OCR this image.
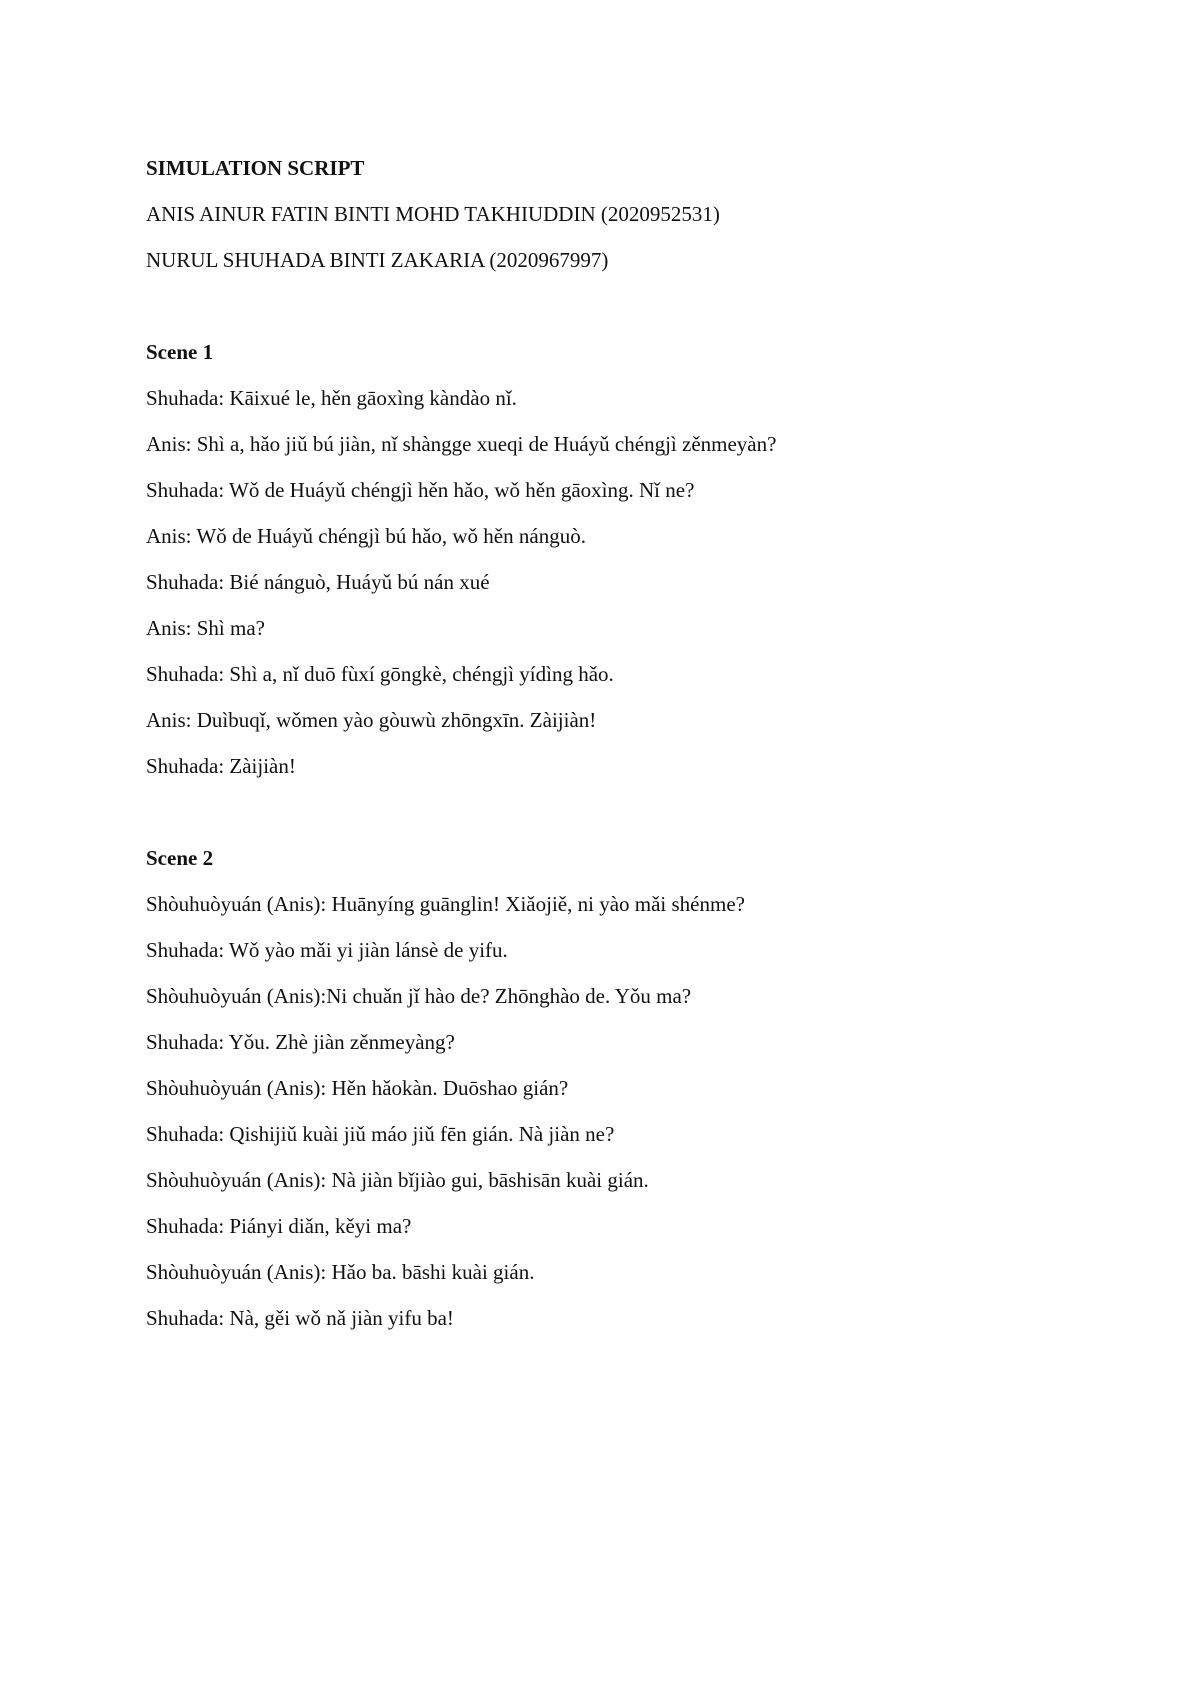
SIMULATION SCRIPT
ANIS AINUR FATIN BINTI MOHD TAKHIUDDIN (2020952531)
NURUL SHUHADA BINTI ZAKARIA (2020967997)
Scene 1
Shuhada: Kāixué le, hěn gāoxìng kàndào nǐ.
Anis: Shì a, hǎo jiǔ bú jiàn, nǐ shàngge xueqi de Huáyǔ chéngjì zěnmeyàn?
Shuhada: Wǒ de Huáyǔ chéngjì hěn hǎo, wǒ hěn gāoxìng. Nǐ ne?
Anis: Wǒ de Huáyǔ chéngjì bú hǎo, wǒ hěn nánguò.
Shuhada: Bié nánguò, Huáyǔ bú nán xué
Anis: Shì ma?
Shuhada: Shì a, nǐ duō fùxí gōngkè, chéngjì yídìng hǎo.
Anis: Duìbuqǐ, wǒmen yào gòuwù zhōngxīn. Zàijiàn!
Shuhada: Zàijiàn!
Scene 2
Shòuhuòyuán (Anis): Huānyíng guānglin! Xiǎojiě, ni yào mǎi shénme?
Shuhada: Wǒ yào mǎi yi jiàn lánsè de yifu.
Shòuhuòyuán (Anis):Ni chuǎn jǐ hào de? Zhōnghào de. Yǒu ma?
Shuhada: Yǒu. Zhè jiàn zěnmeyàng?
Shòuhuòyuán (Anis): Hěn hǎokàn. Duōshao gián?
Shuhada: Qishijiǔ kuài jiǔ máo jiǔ fēn gián. Nà jiàn ne?
Shòuhuòyuán (Anis): Nà jiàn bǐjiào gui, bāshisān kuài gián.
Shuhada: Piányi diǎn, kěyi ma?
Shòuhuòyuán (Anis): Hǎo ba. bāshi kuài gián.
Shuhada: Nà, gěi wǒ nǎ jiàn yifu ba!
